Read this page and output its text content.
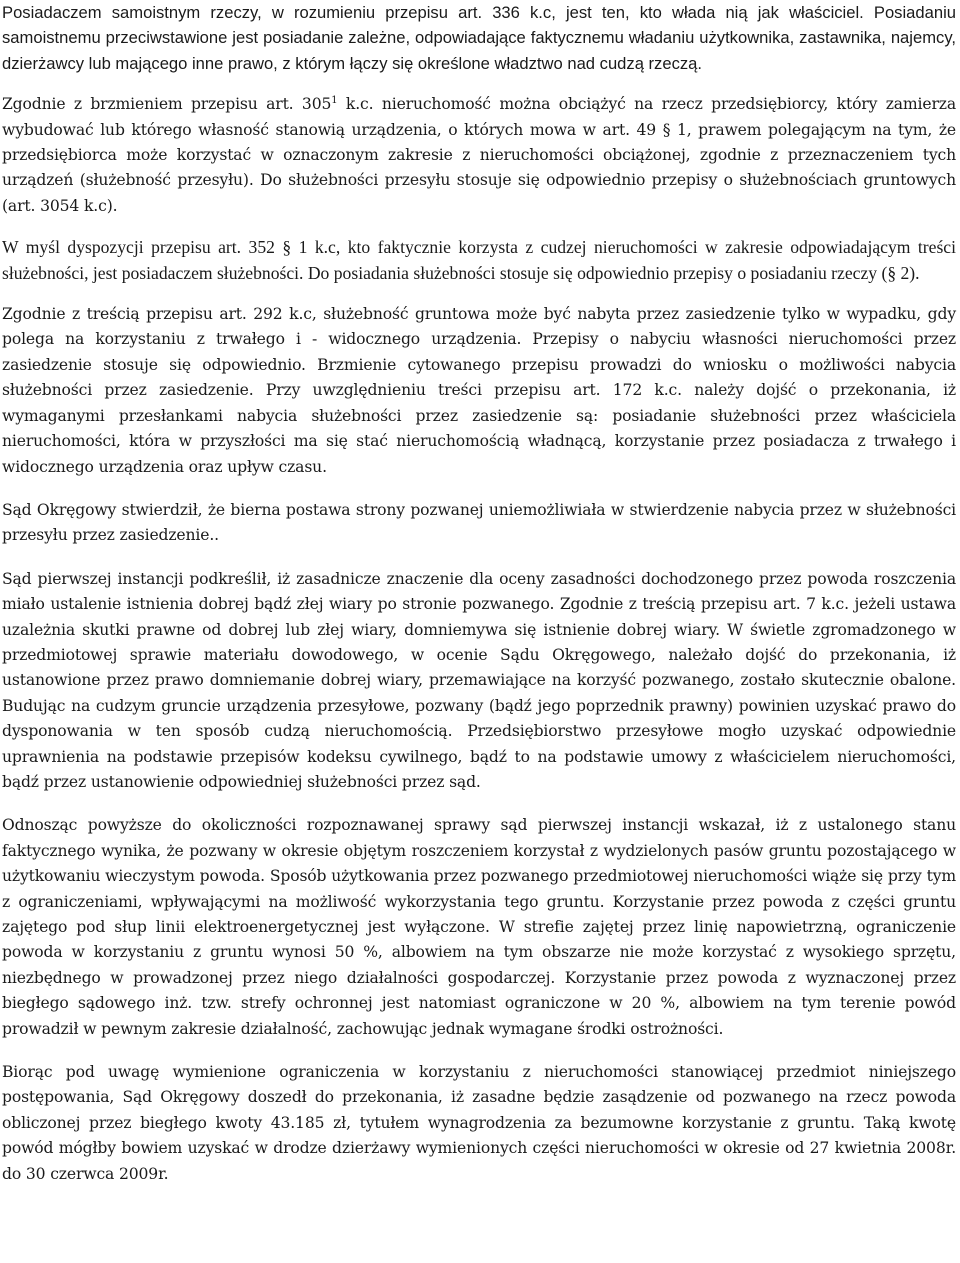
Posiadaczem samoistnym rzeczy, w rozumieniu przepisu art. 336 k.c, jest ten, kto włada nią jak właściciel. Posiadaniu samoistnemu przeciwstawione jest posiadanie zależne, odpowiadające faktycznemu władaniu użytkownika, zastawnika, najemcy, dzierżawcy lub mającego inne prawo, z którym łączy się określone władztwo nad cudzą rzeczą.

Zgodnie z brzmieniem przepisu art. $305^1$ k.c. nieruchomość można obciążyć na rzecz przedsiębiorcy, który zamierza wybudować lub którego własność stanowią urządzenia, o których mowa w art. 49 § 1, prawem polegającym na tym, że przedsiębiorca może korzystać w oznaczonym zakresie z nieruchomości obciążonej, zgodnie z przeznaczeniem tych urządzeń (służebność przesyłu). Do służebności przesyłu stosuje się odpowiednio przepisy o służebnościach gruntowych (art. 3054 k.c).

W myśl dyspozycji przepisu art. 352 § 1 k.c, kto faktycznie korzysta z cudzej nieruchomości w zakresie odpowiadającym treści służebności, jest posiadaczem służebności. Do posiadania służebności stosuje się odpowiednio przepisy o posiadaniu rzeczy (§ 2).

Zgodnie z treścią przepisu art. 292 k.c, służebność gruntowa może być nabyta przez zasiedzenie tylko w wypadku, gdy polega na korzystaniu z trwałego i - widocznego urządzenia. Przepisy o nabyciu własności nieruchomości przez zasiedzenie stosuje się odpowiednio. Brzmienie cytowanego przepisu prowadzi do wniosku o możliwości nabycia służebności przez zasiedzenie. Przy uwzględnieniu treści przepisu art. 172 k.c. należy dojść o przekonania, iż wymaganymi przesłankami nabycia służebności przez zasiedzenie są: posiadanie służebności przez właściciela nieruchomości, która w przyszłości ma się stać nieruchomością władnącą, korzystanie przez posiadacza z trwałego i widocznego urządzenia oraz upływ czasu.

Sąd Okręgowy stwierdził, że bierna postawa strony pozwanej uniemożliwiała w stwierdzenie nabycia przez w służebności przesyłu przez zasiedzenie..

Sąd pierwszej instancji podkreślił, iż zasadnicze znaczenie dla oceny zasadności dochodzonego przez powoda roszczenia miało ustalenie istnienia dobrej bądź złej wiary po stronie pozwanego. Zgodnie z treścią przepisu art. 7 k.c. jeżeli ustawa uzależnia skutki prawne od dobrej lub złej wiary, domniemywa się istnienie dobrej wiary. W świetle zgromadzonego w przedmiotowej sprawie materiału dowodowego, w ocenie Sądu Okręgowego, należało dojść do przekonania, iż ustanowione przez prawo domniemanie dobrej wiary, przemawiające na korzyść pozwanego, zostało skutecznie obalone. Budując na cudzym gruncie urządzenia przesyłowe, pozwany (bądź jego poprzednik prawny) powinien uzyskać prawo do dysponowania w ten sposób cudzą nieruchomością. Przedsiębiorstwo przesyłowe mogło uzyskać odpowiednie uprawnienia na podstawie przepisów kodeksu cywilnego, bądź to na podstawie umowy z właścicielem nieruchomości, bądź przez ustanowienie odpowiedniej służebności przez sąd.

Odnosząc powyższe do okoliczności rozpoznawanej sprawy sąd pierwszej instancji wskazał, iż z ustalonego stanu faktycznego wynika, że pozwany w okresie objętym roszczeniem korzystał z wydzielonych pasów gruntu pozostającego w użytkowaniu wieczystym powoda. Sposób użytkowania przez pozwanego przedmiotowej nieruchomości wiąże się przy tym z ograniczeniami, wpływającymi na możliwość wykorzystania tego gruntu. Korzystanie przez powoda z części gruntu zajętego pod słup linii elektroenergetycznej jest wyłączone. W strefie zajętej przez linię napowietrzną, ograniczenie powoda w korzystaniu z gruntu wynosi 50 %, albowiem na tym obszarze nie może korzystać z wysokiego sprzętu, niezbędnego w prowadzonej przez niego działalności gospodarczej. Korzystanie przez powoda z wyznaczonej przez biegłego sądowego inż. tzw. strefy ochronnej jest natomiast ograniczone w 20 %, albowiem na tym terenie powód prowadził w pewnym zakresie działalność, zachowując jednak wymagane środki ostrożności.

Biorąc pod uwagę wymienione ograniczenia w korzystaniu z nieruchomości stanowiącej przedmiot niniejszego postępowania, Sąd Okręgowy doszedł do przekonania, iż zasadne będzie zasądzenie od pozwanego na rzecz powoda obliczonej przez biegłego kwoty 43.185 zł, tytułem wynagrodzenia za bezumowne korzystanie z gruntu. Taką kwotę powód mógłby bowiem uzyskać w drodze dzierżawy wymienionych części nieruchomości w okresie od 27 kwietnia 2008r. do 30 czerwca 2009r.
